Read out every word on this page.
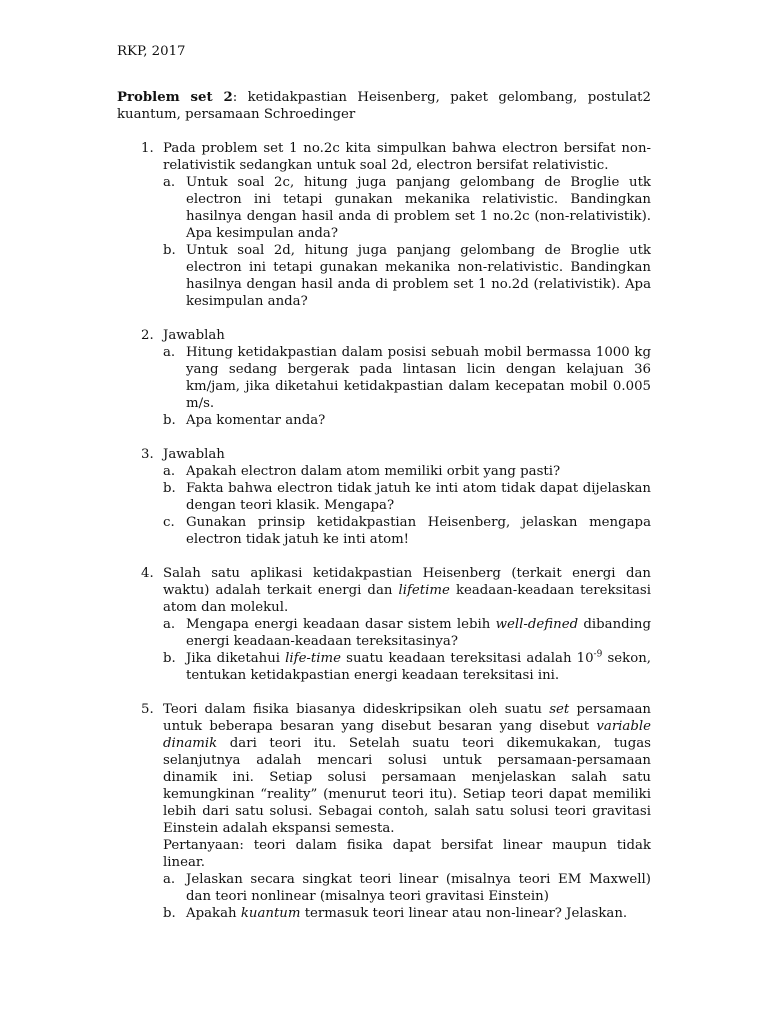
RKP, 2017
Problem set 2: ketidakpastian Heisenberg, paket gelombang, postulat2 kuantum, persamaan Schroedinger
1. Pada problem set 1 no.2c kita simpulkan bahwa electron bersifat non-relativistik sedangkan untuk soal 2d, electron bersifat relativistic.
a. Untuk soal 2c, hitung juga panjang gelombang de Broglie utk electron ini tetapi gunakan mekanika relativistic. Bandingkan hasilnya dengan hasil anda di problem set 1 no.2c (non-relativistik). Apa kesimpulan anda?
b. Untuk soal 2d, hitung juga panjang gelombang de Broglie utk electron ini tetapi gunakan mekanika non-relativistic. Bandingkan hasilnya dengan hasil anda di problem set 1 no.2d (relativistik). Apa kesimpulan anda?
2. Jawablah
a. Hitung ketidakpastian dalam posisi sebuah mobil bermassa 1000 kg yang sedang bergerak pada lintasan licin dengan kelajuan 36 km/jam, jika diketahui ketidakpastian dalam kecepatan mobil 0.005 m/s.
b. Apa komentar anda?
3. Jawablah
a. Apakah electron dalam atom memiliki orbit yang pasti?
b. Fakta bahwa electron tidak jatuh ke inti atom tidak dapat dijelaskan dengan teori klasik. Mengapa?
c. Gunakan prinsip ketidakpastian Heisenberg, jelaskan mengapa electron tidak jatuh ke inti atom!
4. Salah satu aplikasi ketidakpastian Heisenberg (terkait energi dan waktu) adalah terkait energi dan lifetime keadaan-keadaan tereksitasi atom dan molekul.
a. Mengapa energi keadaan dasar sistem lebih well-defined dibanding energi keadaan-keadaan tereksitasinya?
b. Jika diketahui life-time suatu keadaan tereksitasi adalah $10^{-9}$ sekon, tentukan ketidakpastian energi keadaan tereksitasi ini.
5. Teori dalam fisika biasanya dideskripsikan oleh suatu set persamaan untuk beberapa besaran yang disebut besaran yang disebut variable dinamik dari teori itu. Setelah suatu teori dikemukakan, tugas selanjutnya adalah mencari solusi untuk persamaan-persamaan dinamik ini. Setiap solusi persamaan menjelaskan salah satu kemungkinan “reality” (menurut teori itu). Setiap teori dapat memiliki lebih dari satu solusi. Sebagai contoh, salah satu solusi teori gravitasi Einstein adalah ekspansi semesta.
Pertanyaan: teori dalam fisika dapat bersifat linear maupun tidak linear.
a. Jelaskan secara singkat teori linear (misalnya teori EM Maxwell) dan teori nonlinear (misalnya teori gravitasi Einstein)
b. Apakah kuantum termasuk teori linear atau non-linear? Jelaskan.
